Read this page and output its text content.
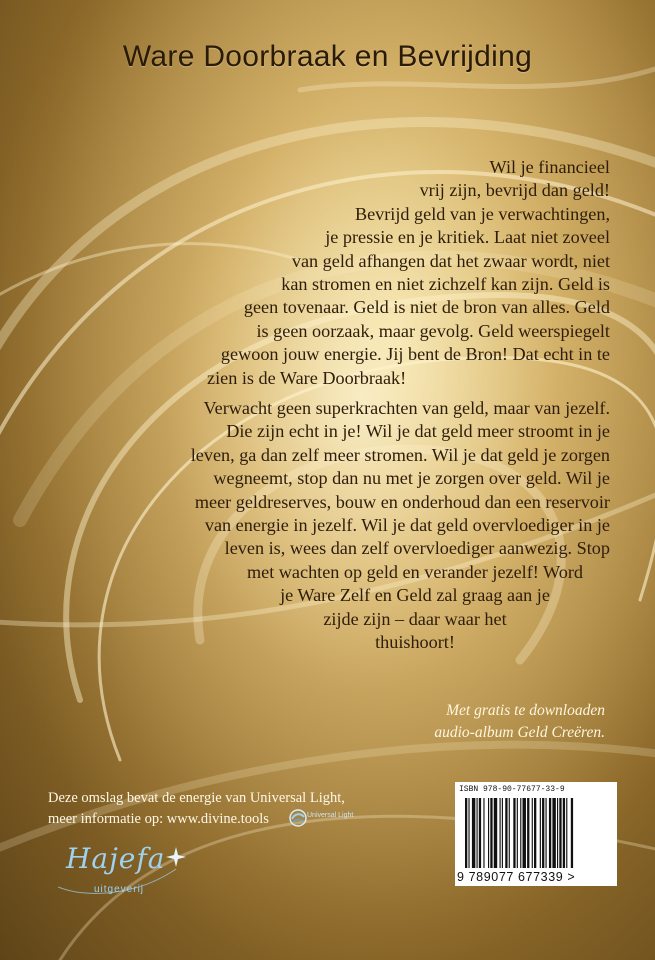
Ware Doorbraak en Bevrijding
Wil je financieel
vrij zijn, bevrijd dan geld!
Bevrijd geld van je verwachtingen,
je pressie en je kritiek. Laat niet zoveel
van geld afhangen dat het zwaar wordt, niet
kan stromen en niet zichzelf kan zijn. Geld is
geen tovenaar. Geld is niet de bron van alles. Geld
is geen oorzaak, maar gevolg. Geld weerspiegelt
gewoon jouw energie. Jij bent de Bron! Dat echt in te
zien is de Ware Doorbraak!
Verwacht geen superkrachten van geld, maar van jezelf.
Die zijn echt in je! Wil je dat geld meer stroomt in je
leven, ga dan zelf meer stromen. Wil je dat geld je zorgen
wegneemt, stop dan nu met je zorgen over geld. Wil je
meer geldreserves, bouw en onderhoud dan een reservoir
van energie in jezelf. Wil je dat geld overvloediger in je
leven is, wees dan zelf overvloediger aanwezig. Stop
met wachten op geld en verander jezelf! Word
je Ware Zelf en Geld zal graag aan je
zijde zijn – daar waar het
thuishoort!
Met gratis te downloaden
audio-album Geld Creëren.
Deze omslag bevat de energie van Universal Light,
meer informatie op: www.divine.tools	Universal Light
Hajefa
uitgeverij
ISBN 978-90-77677-33-9
9 789077 677339 >
